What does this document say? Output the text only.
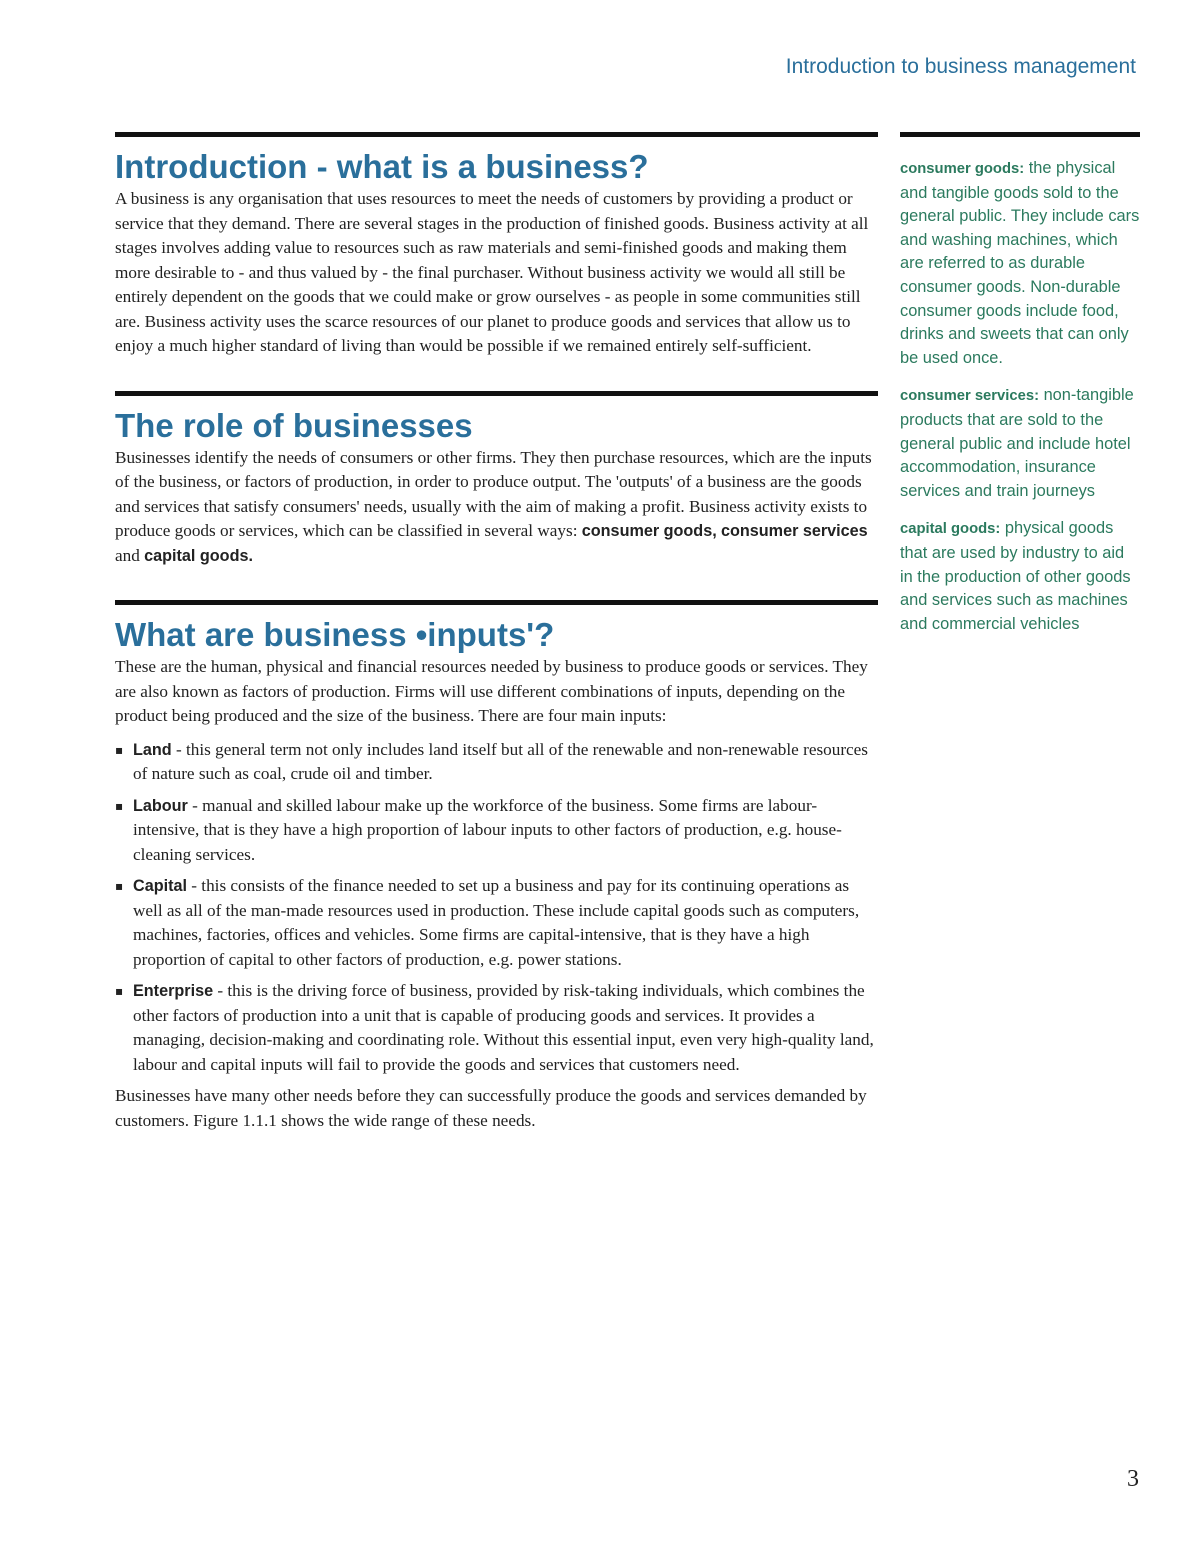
Introduction to business management
Introduction - what is a business?

A business is any organisation that uses resources to meet the needs of customers by providing a product or service that they demand. There are several stages in the production of finished goods. Business activity at all stages involves adding value to resources such as raw materials and semi-finished goods and making them more desirable to - and thus valued by - the final purchaser. Without business activity we would all still be entirely dependent on the goods that we could make or grow ourselves - as people in some communities still are. Business activity uses the scarce resources of our planet to produce goods and services that allow us to enjoy a much higher standard of living than would be possible if we remained entirely self-sufficient.

The role of businesses

Businesses identify the needs of consumers or other firms. They then purchase resources, which are the inputs of the business, or factors of production, in order to produce output. The 'outputs' of a business are the goods and services that satisfy consumers' needs, usually with the aim of making a profit. Business activity exists to produce goods or services, which can be classified in several ways: consumer goods, consumer services and capital goods.

What are business •inputs'?

These are the human, physical and financial resources needed by business to produce goods or services. They are also known as factors of production. Firms will use different combinations of inputs, depending on the product being produced and the size of the business. There are four main inputs:

▪ Land - this general term not only includes land itself but all of the renewable and non-renewable resources of nature such as coal, crude oil and timber.
▪ Labour - manual and skilled labour make up the workforce of the business. Some firms are labour-intensive, that is they have a high proportion of labour inputs to other factors of production, e.g. house-cleaning services.
▪ Capital - this consists of the finance needed to set up a business and pay for its continuing operations as well as all of the man-made resources used in production. These include capital goods such as computers, machines, factories, offices and vehicles. Some firms are capital-intensive, that is they have a high proportion of capital to other factors of production, e.g. power stations.
▪ Enterprise - this is the driving force of business, provided by risk-taking individuals, which combines the other factors of production into a unit that is capable of producing goods and services. It provides a managing, decision-making and coordinating role. Without this essential input, even very high-quality land, labour and capital inputs will fail to provide the goods and services that customers need.

Businesses have many other needs before they can successfully produce the goods and services demanded by customers. Figure 1.1.1 shows the wide range of these needs.

consumer goods: the physical and tangible goods sold to the general public. They include cars and washing machines, which are referred to as durable consumer goods. Non-durable consumer goods include food, drinks and sweets that can only be used once.
consumer services: non-tangible products that are sold to the general public and include hotel accommodation, insurance services and train journeys
capital goods: physical goods that are used by industry to aid in the production of other goods and services such as machines and commercial vehicles
3
